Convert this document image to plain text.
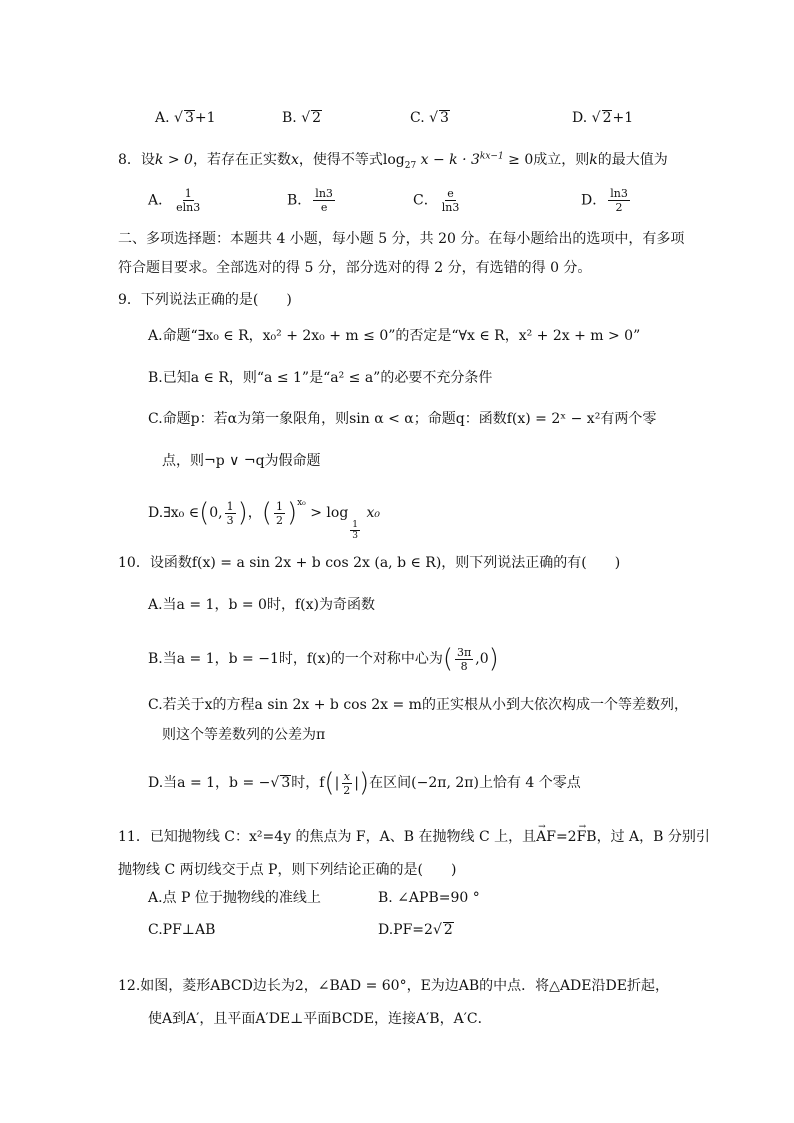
A. √ 3+1	B. √ 2	C. √ 3	D. √ 2+1
8．设k > 0，若存在正实数x，使得不等式$\log_{27} x - k \cdot 3^{kx-1} \ge 0$成立，则k的最大值为
A． $\frac{1}{eln3}$	B． $\frac{\ln 3}{e}$	C． $\frac{e}{\ln 3}$	D． $\frac{\ln 3}{2}$
二、多项选择题：本题共 4 小题，每小题 5 分，共 20 分。在每小题给出的选项中，有多项
符合题目要求。全部选对的得 5 分，部分选对的得 2 分，有选错的得 0 分。
9．下列说法正确的是(　　)
A.命题“∃x₀ ∈ R，x₀² + 2x₀ + m ≤ 0”的否定是“∀x ∈ R，x² + 2x + m > 0”
B.已知a ∈ R，则“a ≤ 1”是“a² ≤ a”的必要不充分条件
C.命题p：若α为第一象限角，则sin α < α；命题q：函数f(x) = 2ˣ − x²有两个零
点，则¬p ∨ ¬q为假命题
D.∃x₀ ∈(0, $\frac{1}{3}$ )，( $\frac{1}{2} )^{x_0} > \log$
$\frac{1}{3}$
x₀
10．设函数f(x) = a sin 2x + b cos 2x (a, b ∈ R)，则下列说法正确的有(　　)
A.当a = 1，b = 0时，f(x)为奇函数
B.当a = 1，b = −1时，f(x)的一个对称中心为( $\frac{3\pi}{8} ,0$)
C.若关于x的方程a sin 2x + b cos 2x = m的正实根从小到大依次构成一个等差数列，
则这个等差数列的公差为π
D.当a = 1，b = −√ 3时，$f(| \frac{x}{2}$ |)在区间(−2π, 2π)上恰有 4 个零点
11．已知抛物线 C：x²=4y 的焦点为 F，A、B 在抛物线 C 上，且→ AF=2→ FB，过 A，B 分别引
抛物线 C 两切线交于点 P，则下列结论正确的是(　　)
A.点 P 位于抛物线的准线上	B. ∠APB=90 °
C.PF⊥AB	D.PF=2√ 2
12.如图，菱形ABCD边长为2，∠BAD = 60°，E为边AB的中点．将△ADE沿DE折起，
使A到A′，且平面A′DE⊥平面BCDE，连接A′B，A′C．
